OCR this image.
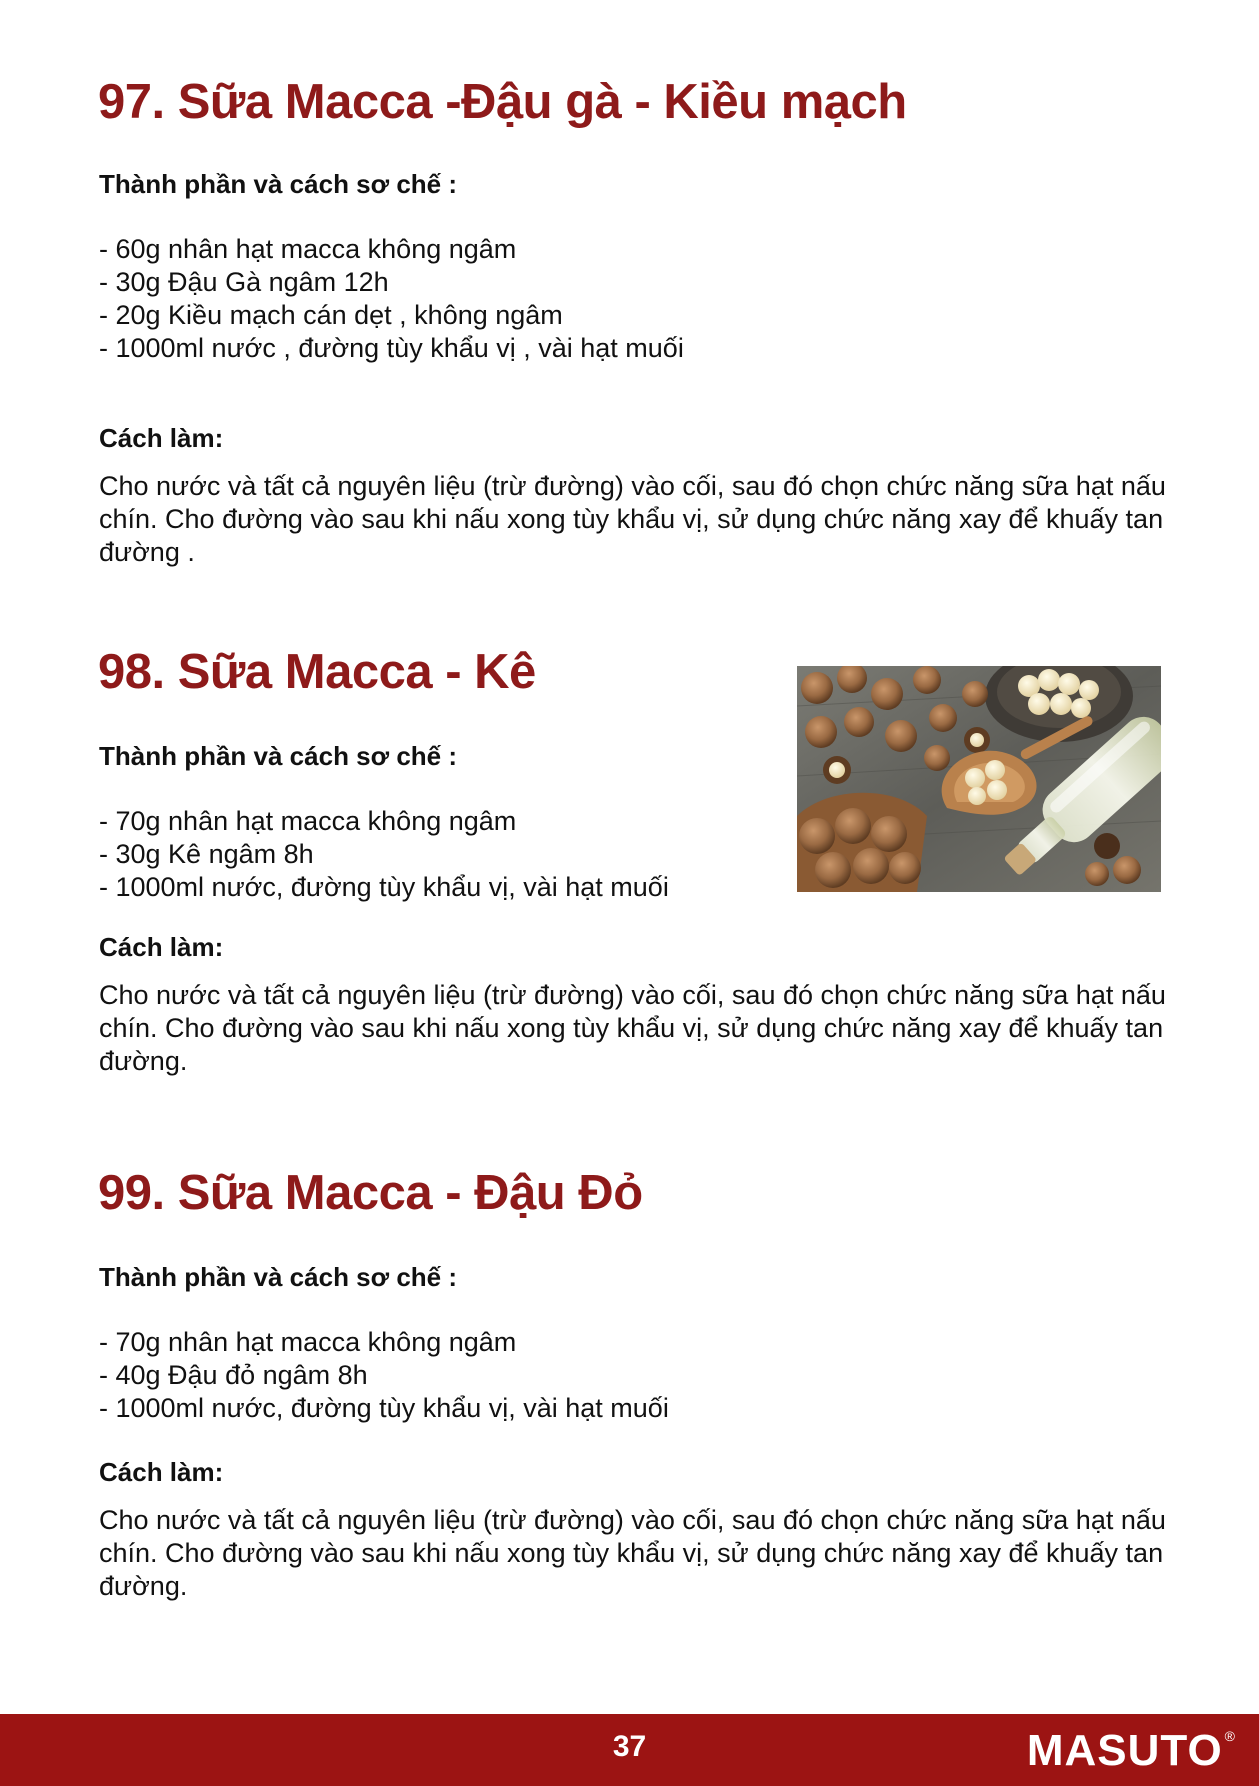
97. Sữa Macca -Đậu gà - Kiều mạch
Thành phần và cách sơ chế :
- 60g nhân hạt macca không ngâm
- 30g Đậu Gà ngâm 12h
- 20g Kiều mạch cán dẹt , không ngâm
- 1000ml nước , đường tùy khẩu vị , vài hạt muối
Cách làm:

Cho nước và tất cả nguyên liệu (trừ đường) vào cối, sau đó chọn chức năng sữa hạt nấu chín. Cho đường vào sau khi nấu xong tùy khẩu vị, sử dụng chức năng xay để khuấy tan đường .

98. Sữa Macca - Kê
Thành phần và cách sơ chế :
- 70g nhân hạt macca không ngâm
- 30g Kê ngâm 8h
- 1000ml nước, đường tùy khẩu vị, vài hạt muối
Cách làm:

Cho nước và tất cả nguyên liệu (trừ đường) vào cối, sau đó chọn chức năng sữa hạt nấu chín. Cho đường vào sau khi nấu xong tùy khẩu vị, sử dụng chức năng xay để khuấy tan đường.

99. Sữa Macca - Đậu Đỏ
Thành phần và cách sơ chế :
- 70g nhân hạt macca không ngâm
- 40g Đậu đỏ ngâm 8h
- 1000ml nước, đường tùy khẩu vị, vài hạt muối
Cách làm:

Cho nước và tất cả nguyên liệu (trừ đường) vào cối, sau đó chọn chức năng sữa hạt nấu chín. Cho đường vào sau khi nấu xong tùy khẩu vị, sử dụng chức năng xay để khuấy tan đường.

37	MASUTO ®
